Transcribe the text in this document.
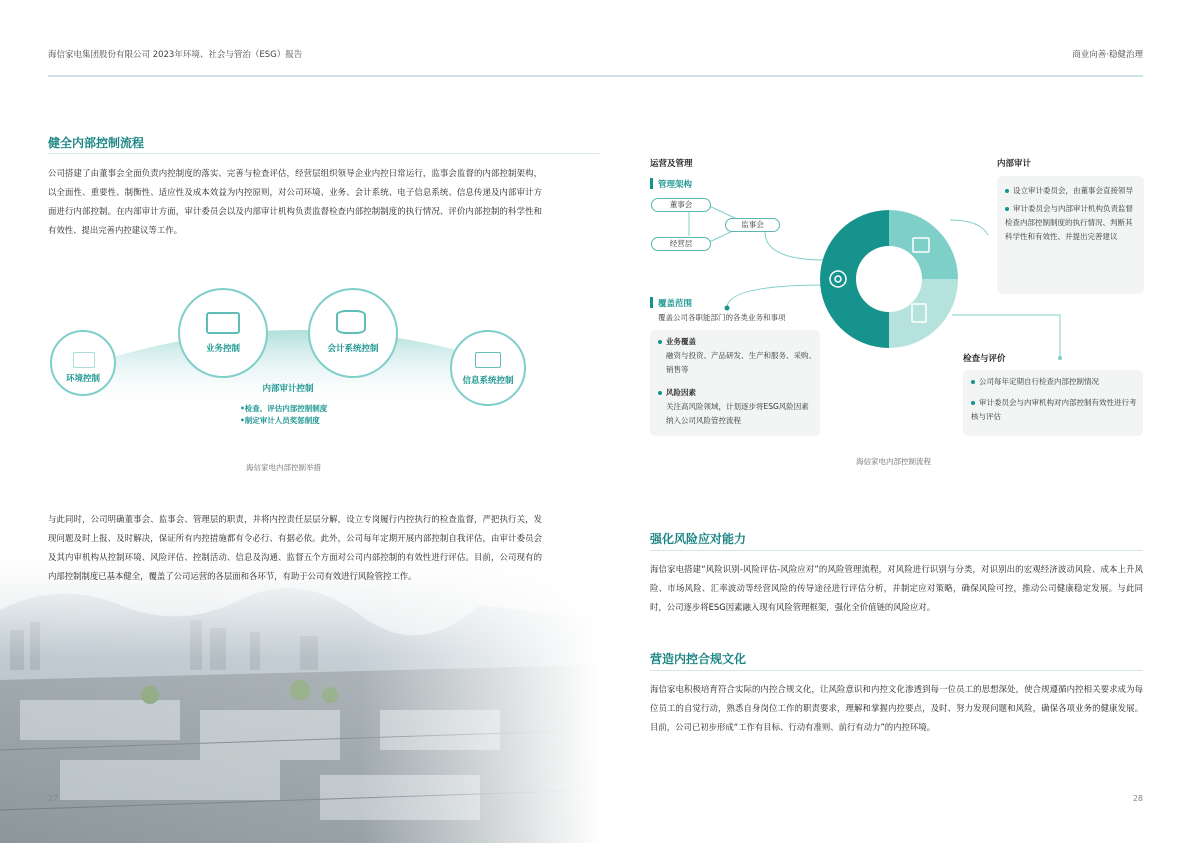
海信家电集团股份有限公司 2023年环境、社会与管治（ESG）报告	商业向善·稳健治理
健全内部控制流程
公司搭建了由董事会全面负责内控制度的落实、完善与检查评估，经营层组织领导企业内控日常运行，监事会监督的内部控制架构，以全面性、重要性、制衡性、适应性及成本效益为内控原则，对公司环境、业务、会计系统、电子信息系统、信息传递及内部审计方面进行内部控制。在内部审计方面，审计委员会以及内部审计机构负责监督检查内部控制制度的执行情况、评价内部控制的科学性和有效性、提出完善内控建议等工作。
环境控制
业务控制	会计系统控制
信息系统控制
内部审计控制
•检查、评估内部控制制度
•制定审计人员奖惩制度
海信家电内部控制举措
与此同时，公司明确董事会、监事会、管理层的职责，并将内控责任层层分解，设立专岗履行内控执行的检查监督，严把执行关，发现问题及时上报、及时解决，保证所有内控措施都有令必行、有据必依。此外，公司每年定期开展内部控制自我评估，由审计委员会及其内审机构从控制环境、风险评估、控制活动、信息及沟通、监督五个方面对公司内部控制的有效性进行评估。目前，公司现有的内部控制制度已基本健全，覆盖了公司运营的各层面和各环节，有助于公司有效进行风险管控工作。
27
运营及管理
管理架构
董事会
监事会
经营层
覆盖范围
覆盖公司各职能部门的各类业务和事项
业务覆盖
融资与投资、产品研发、生产和服务、采购、销售等
风险因素
关注高风险领域，计划逐步将ESG风险因素纳入公司风险管控流程
内部审计
设立审计委员会，由董事会直接领导
审计委员会与内部审计机构负责监督检查内部控制制度的执行情况、判断其科学性和有效性、并提出完善建议
检查与评价
公司每年定期自行检查内部控制情况
审计委员会与内审机构对内部控制有效性进行考核与评估
海信家电内部控制流程
强化风险应对能力
海信家电搭建“风险识别-风险评估-风险应对”的风险管理流程，对风险进行识别与分类，对识别出的宏观经济波动风险、成本上升风险、市场风险、汇率波动等经营风险的传导途径进行评估分析，并制定应对策略，确保风险可控，推动公司健康稳定发展。与此同时，公司逐步将ESG因素融入现有风险管理框架，强化全价值链的风险应对。
营造内控合规文化
海信家电积极培育符合实际的内控合规文化，让风险意识和内控文化渗透到每一位员工的思想深处，使合规遵循内控相关要求成为每位员工的自觉行动，熟悉自身岗位工作的职责要求，理解和掌握内控要点，及时、努力发现问题和风险，确保各项业务的健康发展。目前，公司已初步形成“工作有目标、行动有准则、前行有动力”的内控环境。
28
